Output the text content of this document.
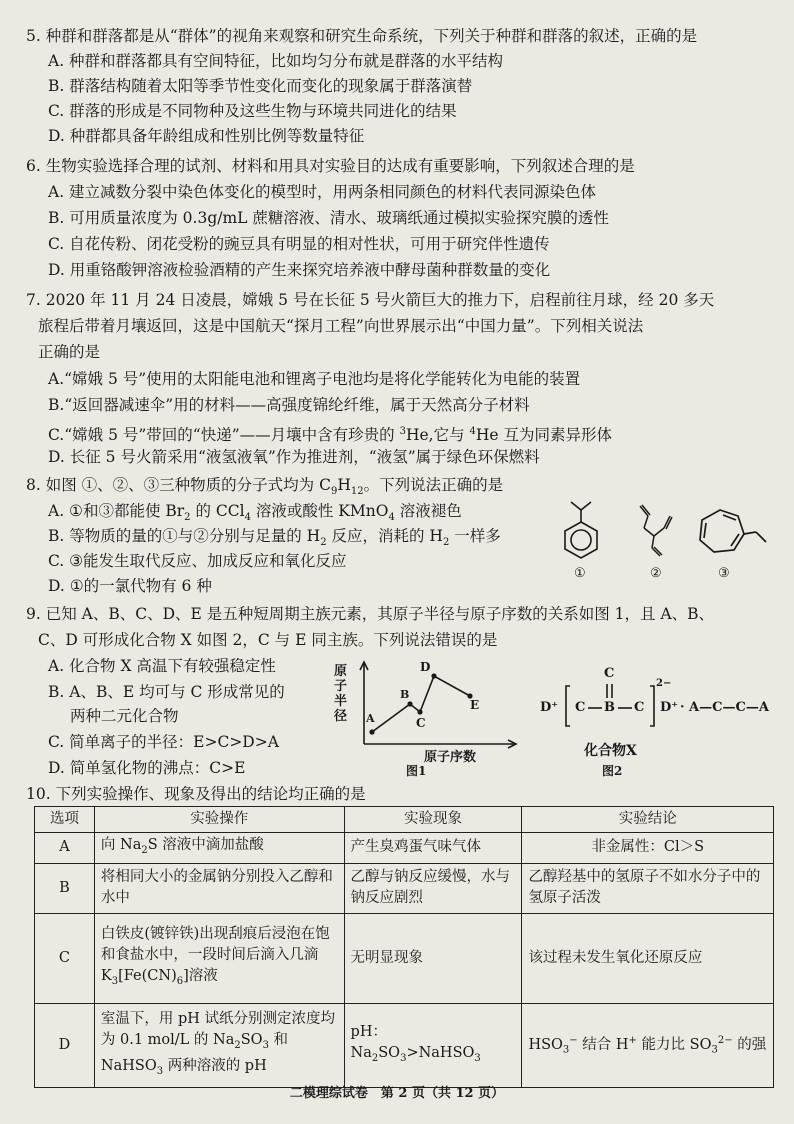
5. 种群和群落都是从“群体”的视角来观察和研究生命系统，下列关于种群和群落的叙述，正确的是
A. 种群和群落都具有空间特征，比如均匀分布就是群落的水平结构
B. 群落结构随着太阳等季节性变化而变化的现象属于群落演替
C. 群落的形成是不同物种及这些生物与环境共同进化的结果
D. 种群都具备年龄组成和性别比例等数量特征
6. 生物实验选择合理的试剂、材料和用具对实验目的达成有重要影响，下列叙述合理的是
A. 建立减数分裂中染色体变化的模型时，用两条相同颜色的材料代表同源染色体
B. 可用质量浓度为 0.3g/mL 蔗糖溶液、清水、玻璃纸通过模拟实验探究膜的透性
C. 自花传粉、闭花受粉的豌豆具有明显的相对性状，可用于研究伴性遗传
D. 用重铬酸钾溶液检验酒精的产生来探究培养液中酵母菌种群数量的变化
7. 2020 年 11 月 24 日凌晨，嫦娥 5 号在长征 5 号火箭巨大的推力下，启程前往月球，经 20 多天
旅程后带着月壤返回，这是中国航天“探月工程”向世界展示出“中国力量”。下列相关说法
正确的是
A.“嫦娥 5 号”使用的太阳能电池和锂离子电池均是将化学能转化为电能的装置
B.“返回器减速伞”用的材料——高强度锦纶纤维，属于天然高分子材料
C.“嫦娥 5 号”带回的“快递”——月壤中含有珍贵的 $^3$He,它与 $^4$He 互为同素异形体
D. 长征 5 号火箭采用“液氢液氧”作为推进剂，“液氢”属于绿色环保燃料
8. 如图 ①、②、③三种物质的分子式均为 $C_9H_{12}$。下列说法正确的是
A. ①和③都能使 $Br_2$ 的 CCl$_4$ 溶液或酸性 KMnO$_4$ 溶液褪色
B. 等物质的量的①与②分别与足量的 $H_2$ 反应，消耗的 $H_2$ 一样多
C. ③能发生取代反应、加成反应和氧化反应
D. ①的一氯代物有 6 种
①	②	③
9. 已知 A、B、C、D、E 是五种短周期主族元素，其原子半径与原子序数的关系如图 1，且 A、B、
C、D 可形成化合物 X 如图 2，C 与 E 同主族。下列说法错误的是
A. 化合物 X 高温下有较强稳定性
B. A、B、E 均可与 C 形成常见的
两种二元化合物
C. 简单离子的半径：E>C>D>A
D. 简单氢化物的沸点：C>E
原子半径 A
B
C
D
E
原子序数
图1
D⁺
C
C B C
2−
D⁺ · A—C—C—A
化合物X
图2
10. 下列实验操作、现象及得出的结论均正确的是
选项	实验操作	实验现象	实验结论
A	向 $Na_2S$ 溶液中滴加盐酸	产生臭鸡蛋气味气体	非金属性：Cl＞S
B	将相同大小的金属钠分别投入乙醇和水中	乙醇与钠反应缓慢，水与钠反应剧烈	乙醇羟基中的氢原子不如水分子中的氢原子活泼
C	白铁皮(镀锌铁)出现刮痕后浸泡在饱和食盐水中，一段时间后滴入几滴 $K_3[Fe(CN)_6]$溶液	无明显现象	该过程未发生氧化还原反应
D	室温下，用 pH 试纸分别测定浓度均为 0.1 mol/L 的 $Na_2SO_3$ 和 NaHSO$_3$ 两种溶液的 pH	pH：$Na_2SO_3>NaHSO_3$	$HSO_3^-$ 结合 H+ 能力比 $SO_3^{2-}$ 的强
二模理综试卷　第 2 页（共 12 页）
